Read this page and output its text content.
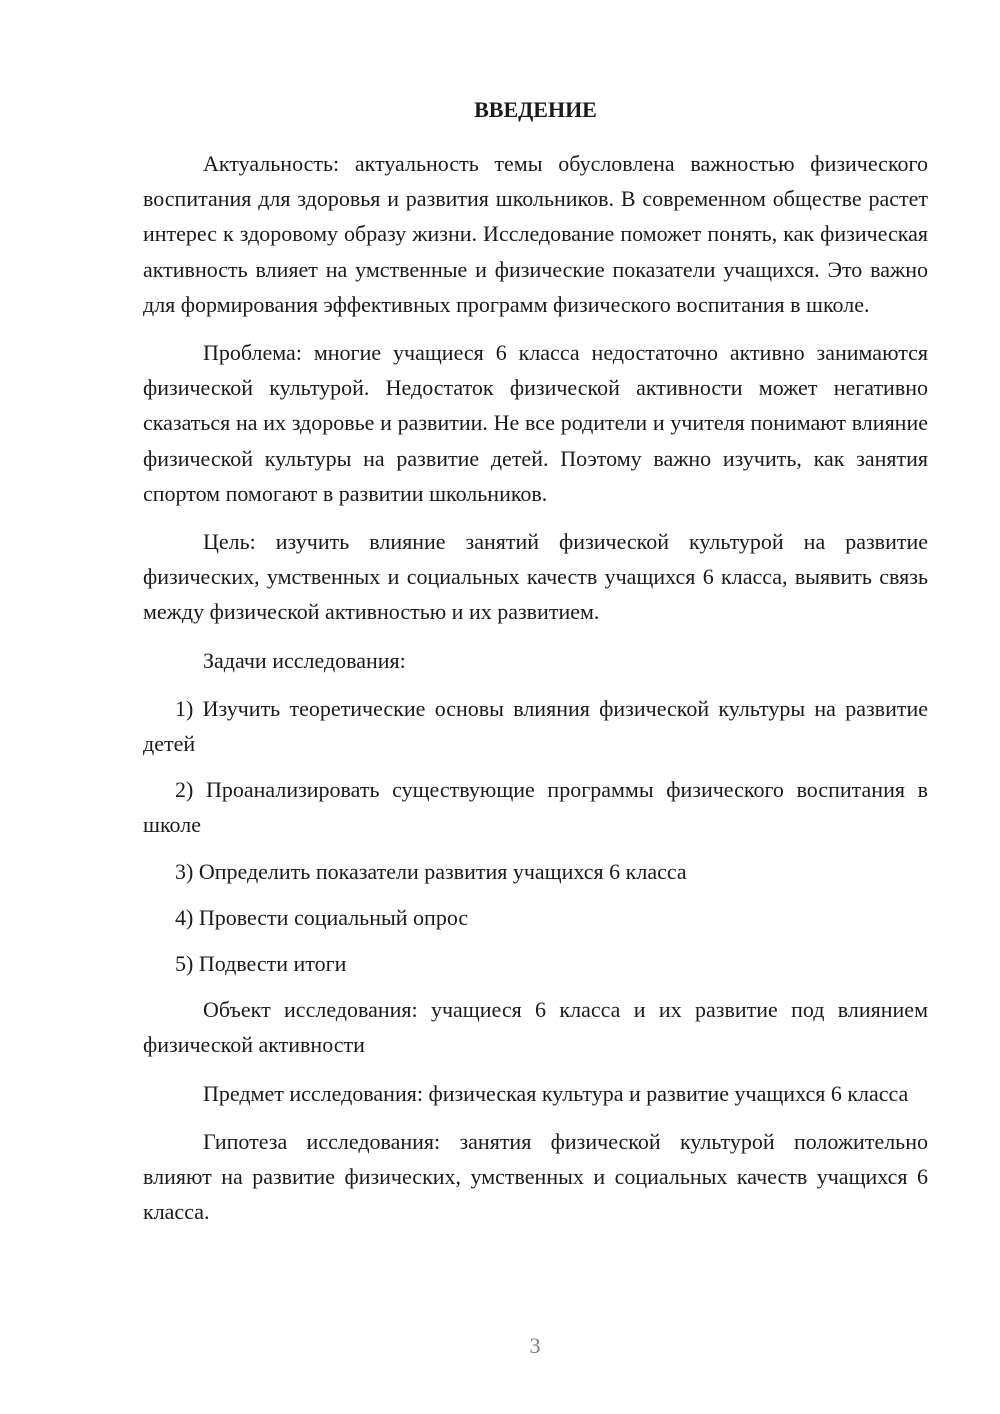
ВВЕДЕНИЕ

Актуальность: актуальность темы обусловлена важностью физического воспитания для здоровья и развития школьников. В современном обществе растет интерес к здоровому образу жизни. Исследование поможет понять, как физическая активность влияет на умственные и физические показатели учащихся. Это важно для формирования эффективных программ физического воспитания в школе.

Проблема: многие учащиеся 6 класса недостаточно активно занимаются физической культурой. Недостаток физической активности может негативно сказаться на их здоровье и развитии. Не все родители и учителя понимают влияние физической культуры на развитие детей. Поэтому важно изучить, как занятия спортом помогают в развитии школьников.

Цель: изучить влияние занятий физической культурой на развитие физических, умственных и социальных качеств учащихся 6 класса, выявить связь между физической активностью и их развитием.

Задачи исследования:

1) Изучить теоретические основы влияния физической культуры на развитие детей

2) Проанализировать существующие программы физического воспитания в школе

3) Определить показатели развития учащихся 6 класса

4) Провести социальный опрос

5) Подвести итоги

Объект исследования: учащиеся 6 класса и их развитие под влиянием физической активности

Предмет исследования: физическая культура и развитие учащихся 6 класса

Гипотеза исследования: занятия физической культурой положительно влияют на развитие физических, умственных и социальных качеств учащихся 6 класса.

3
